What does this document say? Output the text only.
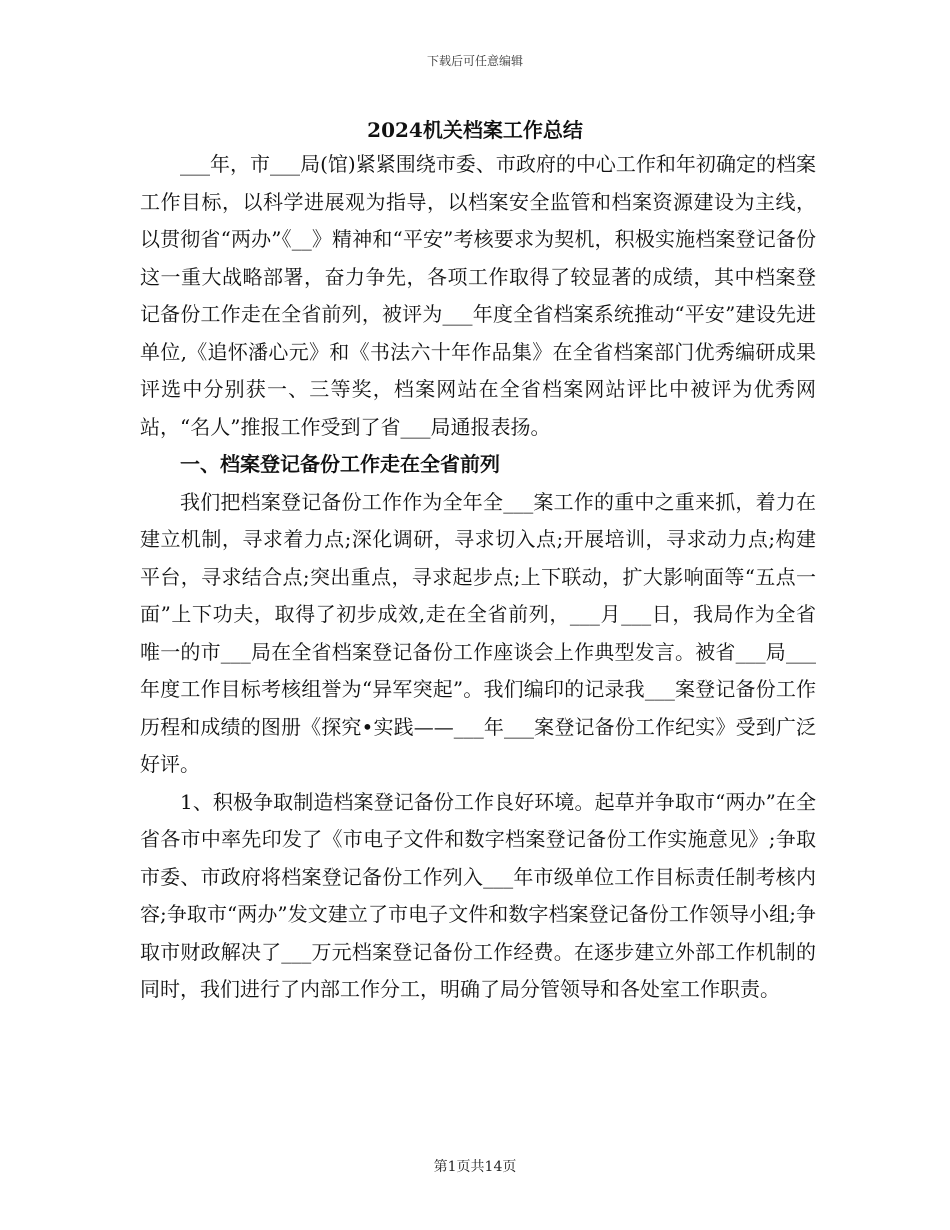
下载后可任意编辑
2024机关档案工作总结

___年，市___局(馆)紧紧围绕市委、市政府的中心工作和年初确定的档案工作目标，以科学进展观为指导，以档案安全监管和档案资源建设为主线，以贯彻省“两办”《__》精神和“平安”考核要求为契机，积极实施档案登记备份这一重大战略部署，奋力争先，各项工作取得了较显著的成绩，其中档案登记备份工作走在全省前列，被评为___年度全省档案系统推动“平安”建设先进单位,《追怀潘心元》和《书法六十年作品集》在全省档案部门优秀编研成果评选中分别获一、三等奖，档案网站在全省档案网站评比中被评为优秀网站，“名人”推报工作受到了省___局通报表扬。

一、档案登记备份工作走在全省前列

我们把档案登记备份工作作为全年全___案工作的重中之重来抓，着力在建立机制，寻求着力点;深化调研，寻求切入点;开展培训，寻求动力点;构建平台，寻求结合点;突出重点，寻求起步点;上下联动，扩大影响面等“五点一面”上下功夫，取得了初步成效,走在全省前列，___月___日，我局作为全省唯一的市___局在全省档案登记备份工作座谈会上作典型发言。被省___局___年度工作目标考核组誉为“异军突起”。我们编印的记录我___案登记备份工作历程和成绩的图册《探究•实践——___年___案登记备份工作纪实》受到广泛好评。

1、积极争取制造档案登记备份工作良好环境。起草并争取市“两办”在全省各市中率先印发了《市电子文件和数字档案登记备份工作实施意见》;争取市委、市政府将档案登记备份工作列入___年市级单位工作目标责任制考核内容;争取市“两办”发文建立了市电子文件和数字档案登记备份工作领导小组;争取市财政解决了___万元档案登记备份工作经费。在逐步建立外部工作机制的同时，我们进行了内部工作分工，明确了局分管领导和各处室工作职责。

第1页共14页
